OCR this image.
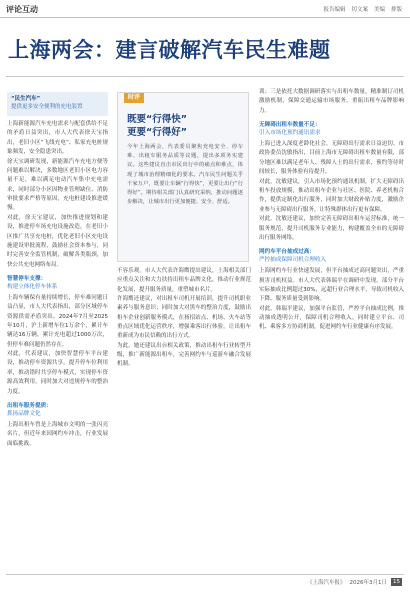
评论互动	报告编辑 切文案 美编 排版
上海两会：建言破解汽车民生难题
“民生汽车”
提供更多安全便利的充电装置

上海新能源汽车充电需求与配套供给不足的矛盾日益突出，市人大代表徐天宝指出，老旧小区“飞线充电”、私家充电桩规象频发，安全隐患突出。

徐天宝调研发现，新能源汽车充电方便等问题难以解决，多数地区老旧小区电力容量不足，难以满足电动汽车集中充电需求，同时部分小区因物业管理缺位、消防审批要求严格等原因，充电桩建设推进缓慢。

对此，徐天宝建议，加快推进规划和建设，推进停车场充电设施改造，在老旧小区推广共享充电桩，优化老旧小区充电设施建设审批流程，鼓励社会资本参与，同时完善安全监管机制，破解各类瓶颈，加快公共充电网络布局。

智慧停车支撑：
构建立体化停车体系

上海车辆保有量持续增长，停车难问题日益凸显，市人大代表指出，部分区域停车资源供需矛盾突出，2024年7月至2025年10月，沪上新增车位1万余个，累计车辆达16万辆，累计充电超过1000万次，但停车难问题仍然存在。

对此，代表建议，加快智慧停车平台建设，推动停车资源共享，提升停车位利用率，推动错时共享停车模式，实现停车资源高效利用，同时加大对违规停车的整治力度。

出租车服务提质：
抓扬品牌文化

上海出租车曾是上海城市文明的一张闪亮名片，但近年来因网约车冲击，行业发展面临挑战。

时评
既要“行得快”
更要“行得好”
今年上海两会，代表委员聚焦充电安全、停车难、出租车服务品质等议题，提出多项务实建议。这些建议直击市民出行中的痛点和难点，体现了城市治理精细化的要求。汽车民生问题关乎千家万户，既要让车辆“行得快”，更要让出行“行得好”。期待相关部门认真研究采纳，推动问题逐步解决，让城市出行更加便捷、安全、舒适。

不容乐观。市人大代表许海鹰提出建议，上海相关部门应重点关注和大力扶持出租车品牌文化，推动行业规范化发展，提升服务质量，重塑城市名片。

许海鹰还建议，对出租车司机开展培训，提升司机职业素养与服务意识；同时加大对黑车的整治力度，鼓励出租车企业创新服务模式，在扬招站点、机场、火车站等重点区域优化运营秩序，增强乘客出行体验，让出租车重新成为市民信赖的出行方式。

为此，她还建议出台相关政策，推动出租车行业转型升级，推广新能源出租车，完善网约车与巡游车融合发展机制。

训；三是依托大数据调研落实与出租车数量，精准制订司机激励机制，保障交通运输市场服务，重振出租车品牌影响力。

无障碍出租车数量不足：
引入市场化预约通讯需求

上海已进入深度老龄化社会，无障碍出行需求日益迫切。市政协委员沈敏指出，目前上海市无障碍出租车数量有限，部分地区难以满足老年人、残障人士的出行需求，预约等待时间较长，服务体验有待提升。

对此，沈敏建议，引入市场化预约通讯机制，扩大无障碍出租车投放规模，推动出租车企业与社区、医院、养老机构合作，提供定制化出行服务，同时加大财政补贴力度，激励企业参与无障碍出行服务，让特殊群体出行更有保障。

对此，沈敏还建议，加快完善无障碍出租车运营标准，统一服务规范，提升司机服务专业能力，构建覆盖全市的无障碍出行服务网络。

网约车平台抽成过高：
严控抽成保障司机合理收入

上海网约车行业快速发展，但平台抽成过高问题突出，严重损害司机权益。市人大代表韩瑞平在调研中发现，部分平台实际抽成比例超过30%，远超行业合理水平，导致司机收入下降、服务质量受到影响。

对此，韩瑞平建议，加强平台监管，严控平台抽成比例，推动抽成透明公开，保障司机合理收入，同时建立平台、司机、乘客多方协商机制，促进网约车行业健康有序发展。

《上海汽车报》 2026年3月1日	15
